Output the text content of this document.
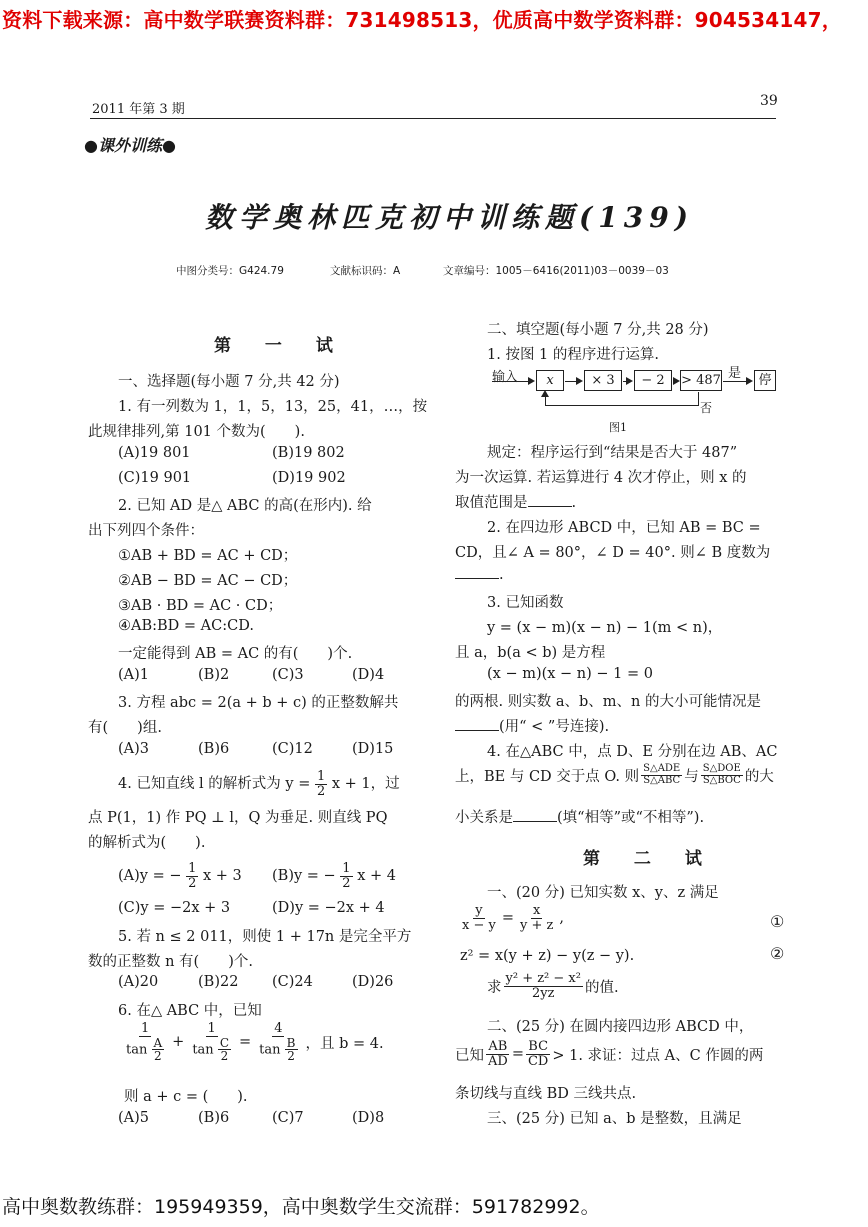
资料下载来源：高中数学联赛资料群：731498513，优质高中数学资料群：904534147，
2011 年第 3 期
39
●课外训练●
数学奥林匹克初中训练题(139)
中图分类号：G424.79	文献标识码：A	文章编号：1005－6416(2011)03－0039－03
第 一 试
一、选择题(每小题 7 分,共 42 分)
1. 有一列数为 1，1，5，13，25，41，…，按
此规律排列,第 101 个数为(　　).
(A)19 801	(B)19 802
(C)19 901	(D)19 902
2. 已知 AD 是△ ABC 的高(在形内). 给
出下列四个条件：
①AB + BD = AC + CD；
②AB − BD = AC − CD；
③AB · BD = AC · CD；
④AB:BD = AC:CD.
一定能得到 AB = AC 的有(　　)个.
(A)1	(B)2	(C)3	(D)4
3. 方程 abc = 2(a + b + c) 的正整数解共
有(　　)组.
(A)3	(B)6	(C)12	(D)15
4. 已知直线 l 的解析式为 $y = \frac{1}{2}$ x + 1，过
点 P(1，1) 作 PQ ⊥ l，Q 为垂足. 则直线 PQ
的解析式为(　　).
(A)y = − $\frac{1}{2}$ x + 3 (B)y = − $\frac{1}{2}$ x + 4
(C)y = −2x + 3	(D)y = −2x + 4
5. 若 n ≤ 2 011，则使 1 + 17n 是完全平方
数的正整数 n 有(　　)个.
(A)20	(B)22 (C)24	(D)26
6. 在△ ABC 中，已知
$\frac{1}{\tan \frac{A}{2}} + \frac{1}{\tan \frac{C}{2}} = \frac{4}{\tan \frac{B}{2}}$ ，且 b = 4.
则 a + c = (　　).
(A)5	(B)6	(C)7	(D)8
二、填空题(每小题 7 分,共 28 分)
1. 按图 1 的程序进行运算.
输入	x	× 3	− 2	> 487 是	停
否
图1
规定：程序运行到“结果是否大于 487”
为一次运算. 若运算进行 4 次才停止，则 x 的
取值范围是	.
2. 在四边形 ABCD 中，已知 AB = BC =
CD，且∠ A = 80°，∠ D = 40°. 则∠ B 度数为
.
3. 已知函数
y = (x − m)(x − n) − 1(m < n)，
且 a，b(a < b) 是方程
(x − m)(x − n) − 1 = 0
的两根. 则实数 a、b、m、n 的大小可能情况是
(用“ < ”号连接).
4. 在△ABC 中，点 D、E 分别在边 AB、AC
上，BE 与 CD 交于点 O. 则 $\frac{\text{S△ADE}}{\text{S△ABC}}$ 与 $\frac{\text{S△DOE}}{\text{S△BOC}}$ 的大
小关系是	(填“相等”或“不相等”).
第 二 试
一、(20 分) 已知实数 x、y、z 满足
$\frac{y}{x - y} = \frac{x}{y + z}$ ,	①
z² = x(y + z) − y(z − y).	②
求 $\frac{\text{y² + z² − x²}}{2yz}$ 的值.
二、(25 分) 在圆内接四边形 ABCD 中，
已知 $\frac{AB}{AD} = \frac{BC}{CD} > 1$. 求证：过点 A、C 作圆的两
条切线与直线 BD 三线共点.
三、(25 分) 已知 a、b 是整数，且满足
高中奥数教练群：195949359，高中奥数学生交流群：591782992。
